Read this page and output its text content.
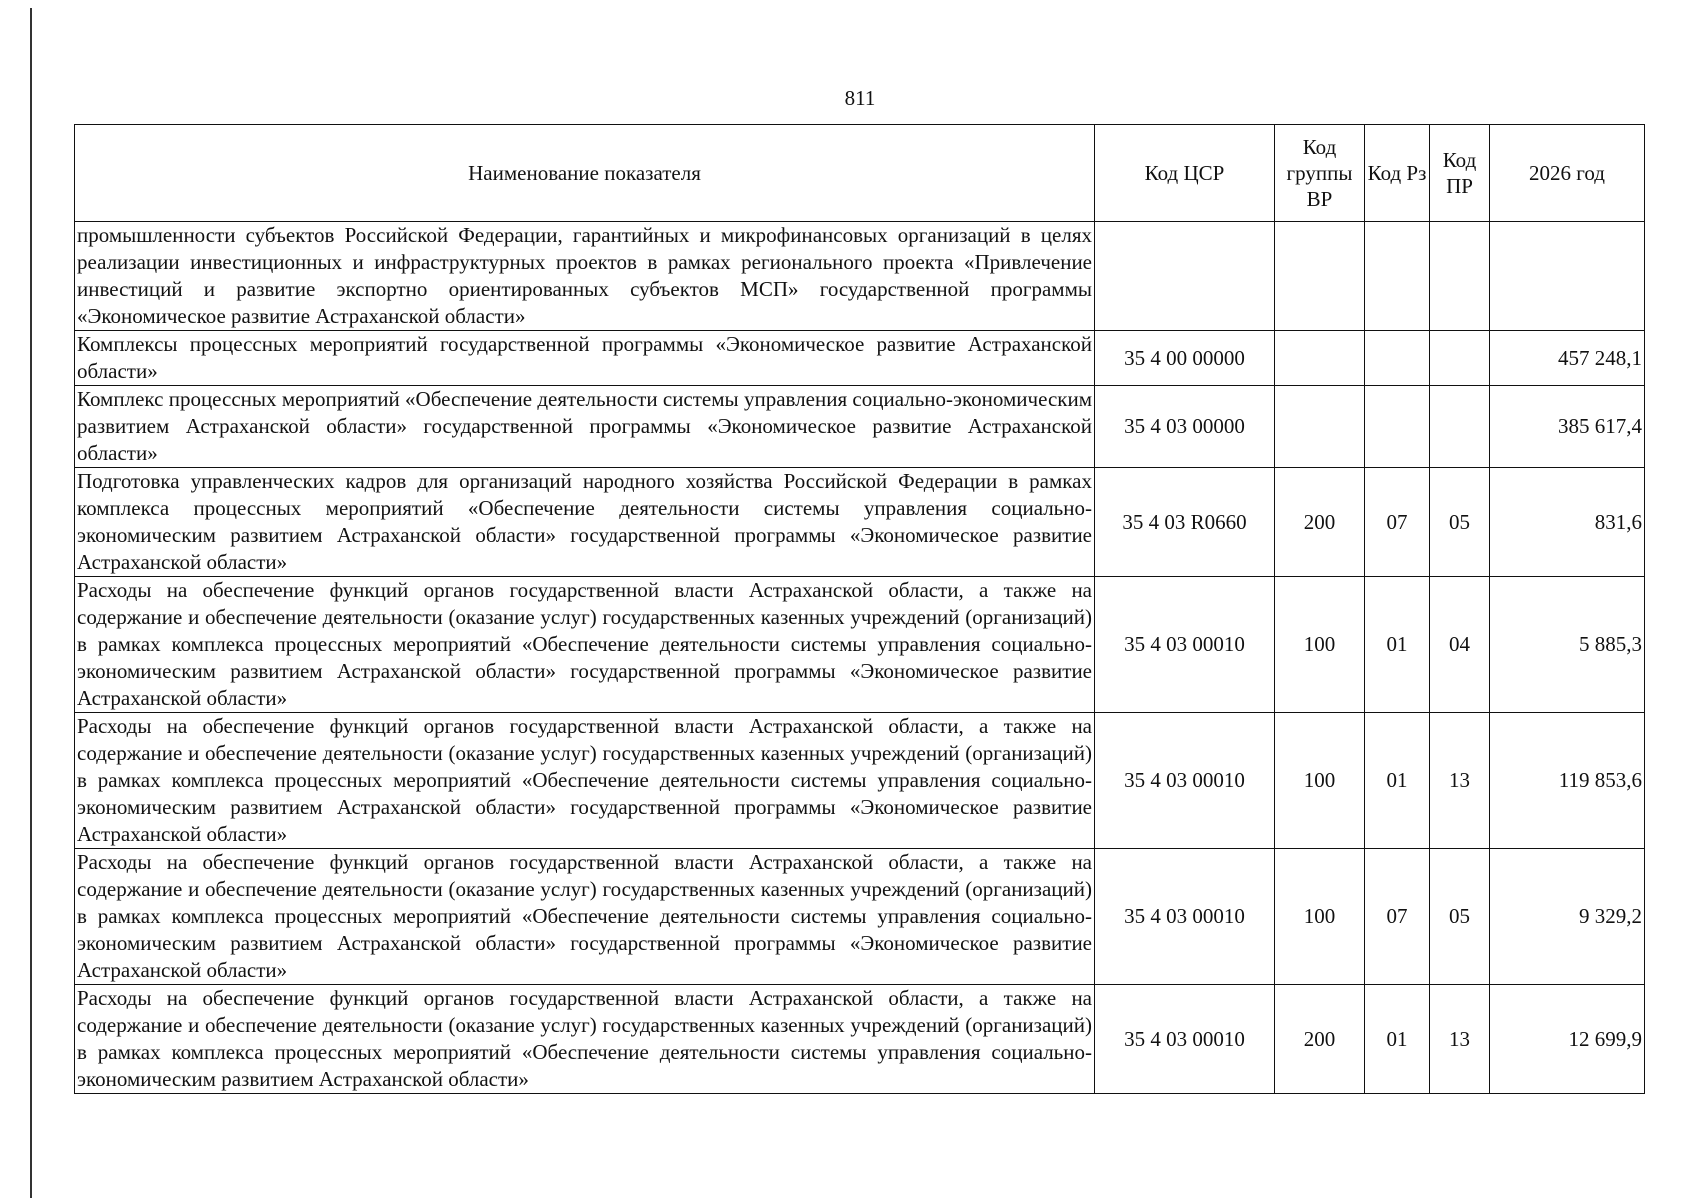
811
Наименование показателя	Код ЦСР	Код группы ВР	Код Рз	Код ПР	2026 год
промышленности субъектов Российской Федерации, гарантийных и микрофинансовых организаций в целях реализации инвестиционных и инфраструктурных проектов в рамках регионального проекта «Привлечение инвестиций и развитие экспортно ориентированных субъектов МСП» государственной программы «Экономическое развитие Астраханской области»					
Комплексы процессных мероприятий государственной программы «Экономическое развитие Астраханской области»	35 4 00 00000				457 248,1
Комплекс процессных мероприятий «Обеспечение деятельности системы управления социально-экономическим развитием Астраханской области» государственной программы «Экономическое развитие Астраханской области»	35 4 03 00000				385 617,4
Подготовка управленческих кадров для организаций народного хозяйства Российской Федерации в рамках комплекса процессных мероприятий «Обеспечение деятельности системы управления социально-экономическим развитием Астраханской области» государственной программы «Экономическое развитие Астраханской области»	35 4 03 R0660	200	07	05	831,6
Расходы на обеспечение функций органов государственной власти Астраханской области, а также на содержание и обеспечение деятельности (оказание услуг) государственных казенных учреждений (организаций) в рамках комплекса процессных мероприятий «Обеспечение деятельности системы управления социально-экономическим развитием Астраханской области» государственной программы «Экономическое развитие Астраханской области»	35 4 03 00010	100	01	04	5 885,3
Расходы на обеспечение функций органов государственной власти Астраханской области, а также на содержание и обеспечение деятельности (оказание услуг) государственных казенных учреждений (организаций) в рамках комплекса процессных мероприятий «Обеспечение деятельности системы управления социально-экономическим развитием Астраханской области» государственной программы «Экономическое развитие Астраханской области»	35 4 03 00010	100	01	13	119 853,6
Расходы на обеспечение функций органов государственной власти Астраханской области, а также на содержание и обеспечение деятельности (оказание услуг) государственных казенных учреждений (организаций) в рамках комплекса процессных мероприятий «Обеспечение деятельности системы управления социально-экономическим развитием Астраханской области» государственной программы «Экономическое развитие Астраханской области»	35 4 03 00010	100	07	05	9 329,2
Расходы на обеспечение функций органов государственной власти Астраханской области, а также на содержание и обеспечение деятельности (оказание услуг) государственных казенных учреждений (организаций) в рамках комплекса процессных мероприятий «Обеспечение деятельности системы управления социально-экономическим развитием Астраханской области»	35 4 03 00010	200	01	13	12 699,9
